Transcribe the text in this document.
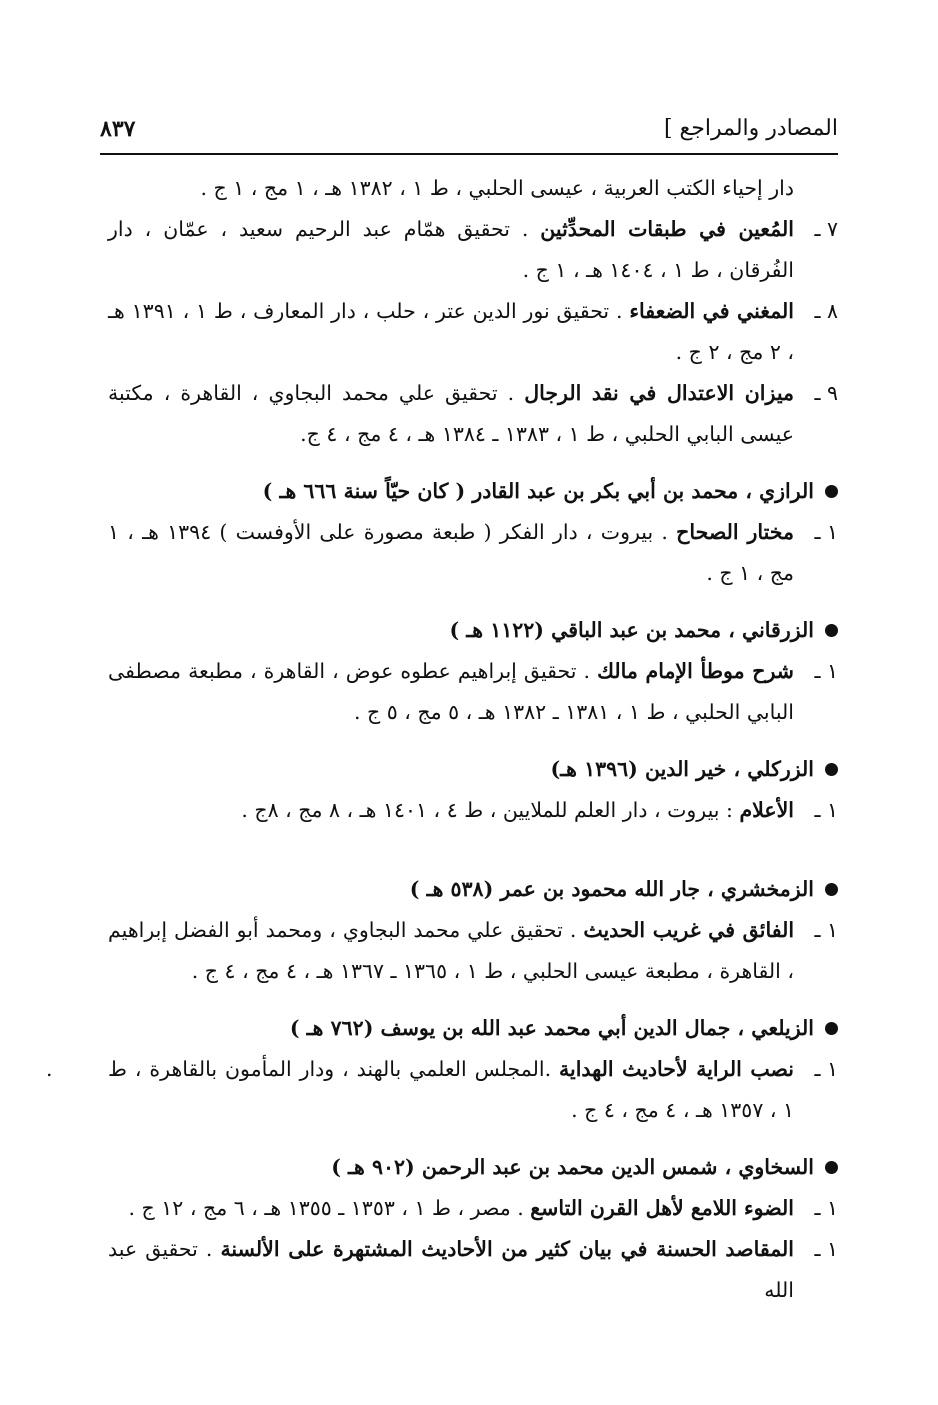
المصادر والمراجع ]
٨٣٧
دار إحياء الكتب العربية ، عيسى الحلبي ، ط ١ ، ١٣٨٢ هـ ، ١ مج ، ١ ج .
٧ ـ
المُعين في طبقات المحدِّثين . تحقيق همّام عبد الرحيم سعيد ، عمّان ، دار الفُرقان ، ط ١ ، ١٤٠٤ هـ ، ١ ج .
٨ ـ
المغني في الضعفاء . تحقيق نور الدين عتر ، حلب ، دار المعارف ، ط ١ ، ١٣٩١ هـ ، ٢ مج ، ٢ ج .
٩ ـ
ميزان الاعتدال في نقد الرجال . تحقيق علي محمد البجاوي ، القاهرة ، مكتبة عيسى البابي الحلبي ، ط ١ ، ١٣٨٣ ـ ١٣٨٤ هـ ، ٤ مج ، ٤ ج.
الرازي ، محمد بن أبي بكر بن عبد القادر ( كان حيّاً سنة ٦٦٦ هـ )
١ ـ
مختار الصحاح . بيروت ، دار الفكر ( طبعة مصورة على الأوفست ) ١٣٩٤ هـ ، ١ مج ، ١ ج .
الزرقاني ، محمد بن عبد الباقي (١١٢٢ هـ )
١ ـ
شرح موطأ الإمام مالك . تحقيق إبراهيم عطوه عوض ، القاهرة ، مطبعة مصطفى البابي الحلبي ، ط ١ ، ١٣٨١ ـ ١٣٨٢ هـ ، ٥ مج ، ٥ ج .
الزركلي ، خير الدين (١٣٩٦ هـ)
١ ـ
الأعلام : بيروت ، دار العلم للملايين ، ط ٤ ، ١٤٠١ هـ ، ٨ مج ، ٨ج .
الزمخشري ، جار الله محمود بن عمر (٥٣٨ هـ )
١ ـ
الفائق في غريب الحديث . تحقيق علي محمد البجاوي ، ومحمد أبو الفضل إبراهيم ، القاهرة ، مطبعة عيسى الحلبي ، ط ١ ، ١٣٦٥ ـ ١٣٦٧ هـ ، ٤ مج ، ٤ ج .
الزيلعي ، جمال الدين أبي محمد عبد الله بن يوسف (٧٦٢ هـ )
.	١ ـ
نصب الراية لأحاديث الهداية .المجلس العلمي بالهند ، ودار المأمون بالقاهرة ، ط ١ ، ١٣٥٧ هـ ، ٤ مج ، ٤ ج .
السخاوي ، شمس الدين محمد بن عبد الرحمن (٩٠٢ هـ )
١ ـ
الضوء اللامع لأهل القرن التاسع . مصر ، ط ١ ، ١٣٥٣ ـ ١٣٥٥ هـ ، ٦ مج ، ١٢ ج .
١ ـ
المقاصد الحسنة في بيان كثير من الأحاديث المشتهرة على الألسنة . تحقيق عبد الله
